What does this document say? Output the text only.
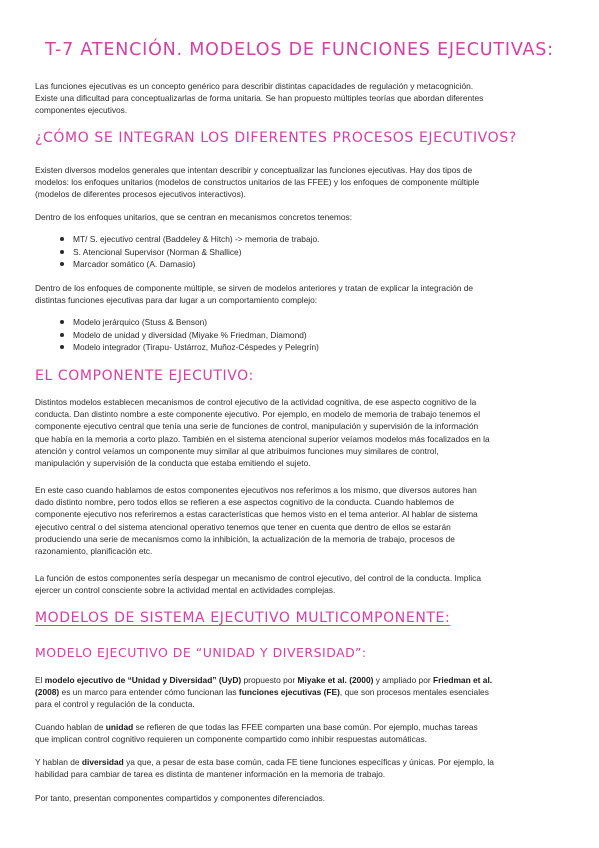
T-7 ATENCIÓN. MODELOS DE FUNCIONES EJECUTIVAS:

Las funciones ejecutivas es un concepto genérico para describir distintas capacidades de regulación y metacognición.
Existe una dificultad para conceptualizarlas de forma unitaria. Se han propuesto múltiples teorías que abordan diferentes
componentes ejecutivos.

¿CÓMO SE INTEGRAN LOS DIFERENTES PROCESOS EJECUTIVOS?

Existen diversos modelos generales que intentan describir y conceptualizar las funciones ejecutivas. Hay dos tipos de
modelos: los enfoques unitarios (modelos de constructos unitarios de las FFEE) y los enfoques de componente múltiple
(modelos de diferentes procesos ejecutivos interactivos).

Dentro de los enfoques unitarios, que se centran en mecanismos concretos tenemos:

MT/ S. ejecutivo central (Baddeley & Hitch) -> memoria de trabajo.
S. Atencional Supervisor (Norman & Shallice)
Marcador somático (A. Damasio)

Dentro de los enfoques de componente múltiple, se sirven de modelos anteriores y tratan de explicar la integración de
distintas funciones ejecutivas para dar lugar a un comportamiento complejo:

Modelo jerárquico (Stuss & Benson)
Modelo de unidad y diversidad (Miyake % Friedman, Diamond)
Modelo integrador (Tirapu- Ustárroz, Muñoz-Céspedes y Pelegrín)
EL COMPONENTE EJECUTIVO:

Distintos modelos establecen mecanismos de control ejecutivo de la actividad cognitiva, de ese aspecto cognitivo de la
conducta. Dan distinto nombre a este componente ejecutivo. Por ejemplo, en modelo de memoria de trabajo tenemos el
componente ejecutivo central que tenía una serie de funciones de control, manipulación y supervisión de la información
que había en la memoria a corto plazo. También en el sistema atencional superior veíamos modelos más focalizados en la
atención y control veíamos un componente muy similar al que atribuimos funciones muy similares de control,
manipulación y supervisión de la conducta que estaba emitiendo el sujeto.

En este caso cuando hablamos de estos componentes ejecutivos nos referimos a los mismo, que diversos autores han
dado distinto nombre, pero todos ellos se refieren a ese aspectos cognitivo de la conducta. Cuando hablemos de
componente ejecutivo nos referiremos a estas características que hemos visto en el tema anterior. Al hablar de sistema
ejecutivo central o del sistema atencional operativo tenemos que tener en cuenta que dentro de ellos se estarán
produciendo una serie de mecanismos como la inhibición, la actualización de la memoria de trabajo, procesos de
razonamiento, planificación etc.

La función de estos componentes sería despegar un mecanismo de control ejecutivo, del control de la conducta. Implica
ejercer un control consciente sobre la actividad mental en actividades complejas.

MODELOS DE SISTEMA EJECUTIVO MULTICOMPONENTE:
MODELO EJECUTIVO DE “UNIDAD Y DIVERSIDAD”:

El modelo ejecutivo de “Unidad y Diversidad” (UyD) propuesto por Miyake et al. (2000) y ampliado por Friedman et al.
(2008) es un marco para entender cómo funcionan las funciones ejecutivas (FE), que son procesos mentales esenciales
para el control y regulación de la conducta.

Cuando hablan de unidad se refieren de que todas las FFEE comparten una base común. Por ejemplo, muchas tareas
que implican control cognitivo requieren un componente compartido como inhibir respuestas automáticas.

Y hablan de diversidad ya que, a pesar de esta base común, cada FE tiene funciones específicas y únicas. Por ejemplo, la
habilidad para cambiar de tarea es distinta de mantener información en la memoria de trabajo.

Por tanto, presentan componentes compartidos y componentes diferenciados.
